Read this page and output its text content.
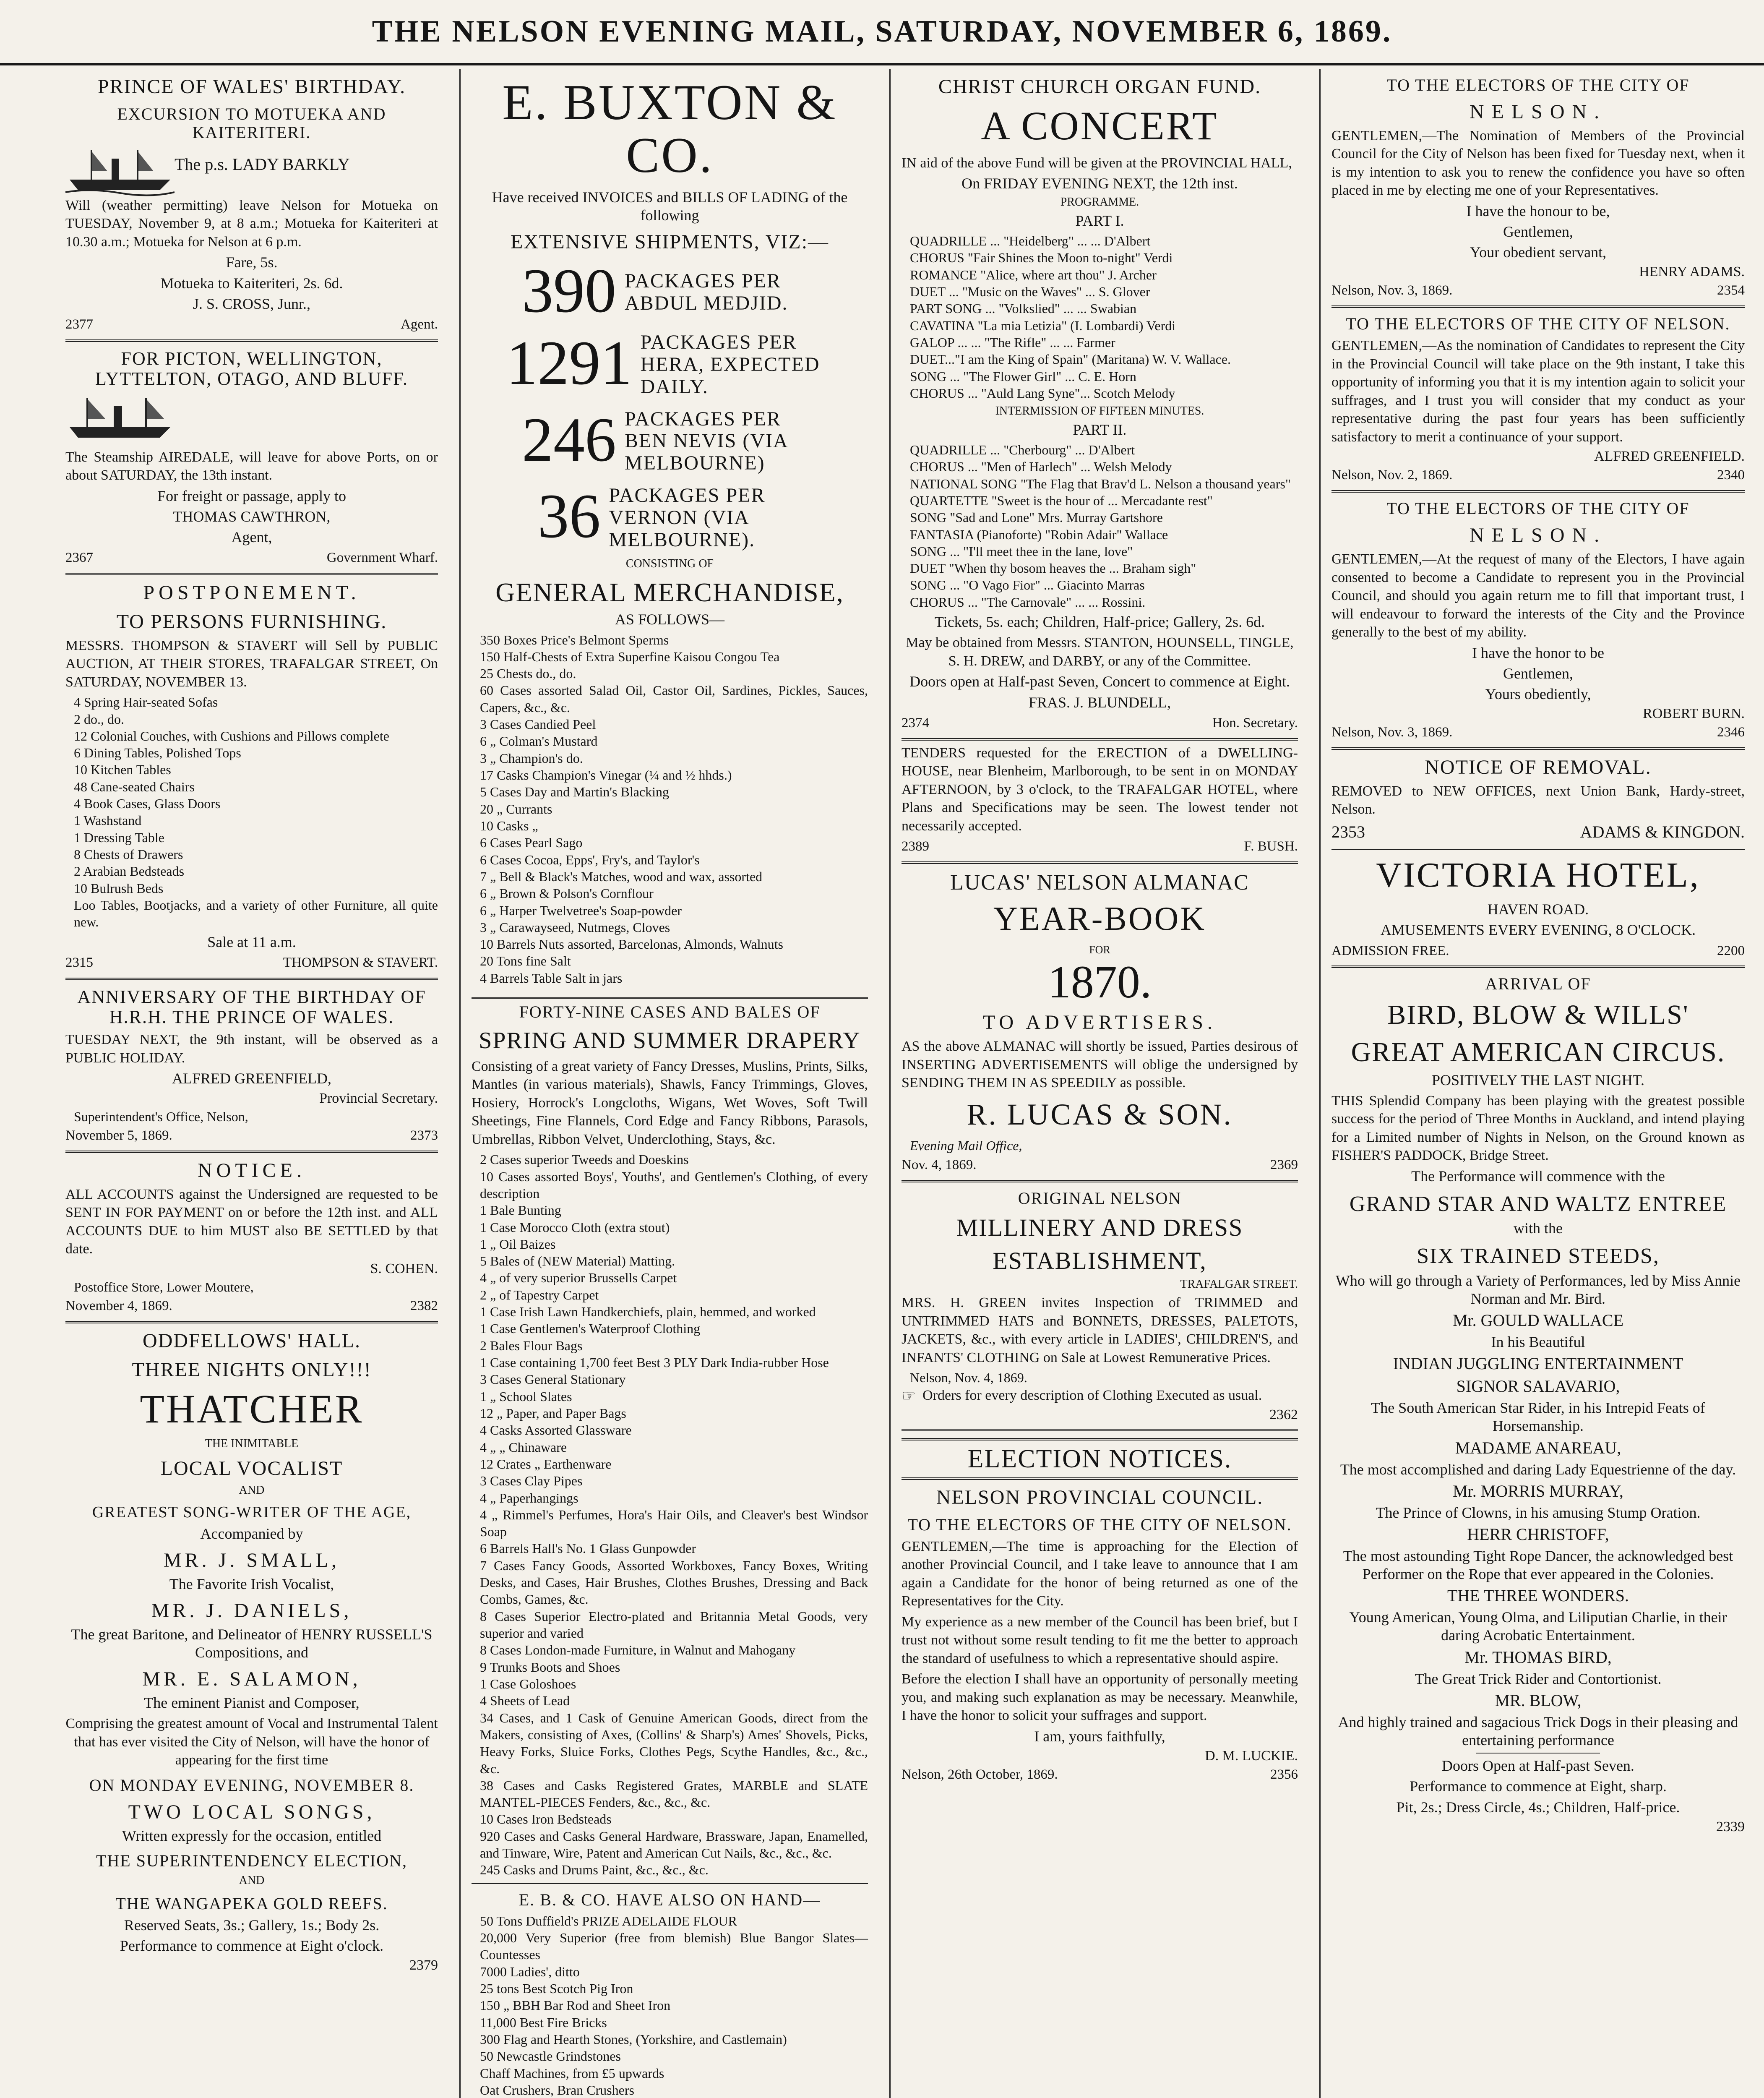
THE NELSON EVENING MAIL, SATURDAY, NOVEMBER 6, 1869.
PRINCE OF WALES' BIRTHDAY.
EXCURSION TO MOTUEKA AND KAITERITERI.
The p.s. LADY BARKLY

Will (weather permitting) leave Nelson for Motueka on TUESDAY, November 9, at 8 a.m.; Motueka for Kaiteriteri at 10.30 a.m.; Motueka for Nelson at 6 p.m.

Fare, 5s.
Motueka to Kaiteriteri, 2s. 6d.
J. S. CROSS, Junr.,
2377	Agent.
FOR PICTON, WELLINGTON, LYTTELTON, OTAGO, AND BLUFF.

The Steamship AIREDALE, will leave for above Ports, on or about SATURDAY, the 13th instant.

For freight or passage, apply to
THOMAS CAWTHRON,
Agent,
2367	Government Wharf.
POSTPONEMENT.
TO PERSONS FURNISHING.

MESSRS. THOMPSON & STAVERT will Sell by PUBLIC AUCTION, AT THEIR STORES, TRAFALGAR STREET, On SATURDAY, NOVEMBER 13.

4 Spring Hair-seated Sofas

2 do., do.

12 Colonial Couches, with Cushions and Pillows complete

6 Dining Tables, Polished Tops

10 Kitchen Tables

48 Cane-seated Chairs

4 Book Cases, Glass Doors

1 Washstand

1 Dressing Table

8 Chests of Drawers

2 Arabian Bedsteads

10 Bulrush Beds

Loo Tables, Bootjacks, and a variety of other Furniture, all quite new.

Sale at 11 a.m.
2315	THOMPSON & STAVERT.
ANNIVERSARY OF THE BIRTHDAY OF H.R.H. THE PRINCE OF WALES.

TUESDAY NEXT, the 9th instant, will be observed as a PUBLIC HOLIDAY.

ALFRED GREENFIELD,
Provincial Secretary.

Superintendent's Office, Nelson,

November 5, 1869.	2373
NOTICE.

ALL ACCOUNTS against the Undersigned are requested to be SENT IN FOR PAYMENT on or before the 12th inst. and ALL ACCOUNTS DUE to him MUST also BE SETTLED by that date.

S. COHEN.

Postoffice Store, Lower Moutere,

November 4, 1869.	2382
ODDFELLOWS' HALL.
THREE NIGHTS ONLY!!!
THATCHER
THE INIMITABLE
LOCAL VOCALIST
AND
GREATEST SONG-WRITER OF THE AGE,
Accompanied by
MR. J. SMALL,
The Favorite Irish Vocalist,
MR. J. DANIELS,
The great Baritone, and Delineator of HENRY RUSSELL'S Compositions, and
MR. E. SALAMON,
The eminent Pianist and Composer,

Comprising the greatest amount of Vocal and Instrumental Talent that has ever visited the City of Nelson, will have the honor of appearing for the first time

ON MONDAY EVENING, NOVEMBER 8.
TWO LOCAL SONGS,
Written expressly for the occasion, entitled
THE SUPERINTENDENCY ELECTION,
AND
THE WANGAPEKA GOLD REEFS.
Reserved Seats, 3s.; Gallery, 1s.; Body 2s.
Performance to commence at Eight o'clock.
2379
E. BUXTON & CO.
Have received INVOICES and BILLS OF LADING of the following
EXTENSIVE SHIPMENTS, VIZ:—
390 PACKAGES PER ABDUL MEDJID.
1291 PACKAGES PER HERA, EXPECTED DAILY.
246 PACKAGES PER BEN NEVIS (VIA MELBOURNE)
36 PACKAGES PER VERNON (VIA MELBOURNE).
CONSISTING OF
GENERAL MERCHANDISE,
AS FOLLOWS—

350 Boxes Price's Belmont Sperms

150 Half-Chests of Extra Superfine Kaisou Congou Tea

25 Chests do., do.

60 Cases assorted Salad Oil, Castor Oil, Sardines, Pickles, Sauces, Capers, &c., &c.

3 Cases Candied Peel

6 „ Colman's Mustard

3 „ Champion's do.

17 Casks Champion's Vinegar (¼ and ½ hhds.)

5 Cases Day and Martin's Blacking

20 „ Currants

10 Casks „

6 Cases Pearl Sago

6 Cases Cocoa, Epps', Fry's, and Taylor's

7 „ Bell & Black's Matches, wood and wax, assorted

6 „ Brown & Polson's Cornflour

6 „ Harper Twelvetree's Soap-powder

3 „ Carawayseed, Nutmegs, Cloves

10 Barrels Nuts assorted, Barcelonas, Almonds, Walnuts

20 Tons fine Salt

4 Barrels Table Salt in jars

FORTY-NINE CASES AND BALES OF
SPRING AND SUMMER DRAPERY

Consisting of a great variety of Fancy Dresses, Muslins, Prints, Silks, Mantles (in various materials), Shawls, Fancy Trimmings, Gloves, Hosiery, Horrock's Longcloths, Wigans, Wet Woves, Soft Twill Sheetings, Fine Flannels, Cord Edge and Fancy Ribbons, Parasols, Umbrellas, Ribbon Velvet, Underclothing, Stays, &c.

2 Cases superior Tweeds and Doeskins

10 Cases assorted Boys', Youths', and Gentlemen's Clothing, of every description

1 Bale Bunting

1 Case Morocco Cloth (extra stout)

1 „ Oil Baizes

5 Bales of (NEW Material) Matting.

4 „ of very superior Brussells Carpet

2 „ of Tapestry Carpet

1 Case Irish Lawn Handkerchiefs, plain, hemmed, and worked

1 Case Gentlemen's Waterproof Clothing

2 Bales Flour Bags

1 Case containing 1,700 feet Best 3 PLY Dark India-rubber Hose

3 Cases General Stationary

1 „ School Slates

12 „ Paper, and Paper Bags

4 Casks Assorted Glassware

4 „ „ Chinaware

12 Crates „ Earthenware

3 Cases Clay Pipes

4 „ Paperhangings

4 „ Rimmel's Perfumes, Hora's Hair Oils, and Cleaver's best Windsor Soap

6 Barrels Hall's No. 1 Glass Gunpowder

7 Cases Fancy Goods, Assorted Workboxes, Fancy Boxes, Writing Desks, and Cases, Hair Brushes, Clothes Brushes, Dressing and Back Combs, Games, &c.

8 Cases Superior Electro-plated and Britannia Metal Goods, very superior and varied

8 Cases London-made Furniture, in Walnut and Mahogany

9 Trunks Boots and Shoes

1 Case Goloshoes

4 Sheets of Lead

34 Cases, and 1 Cask of Genuine American Goods, direct from the Makers, consisting of Axes, (Collins' & Sharp's) Ames' Shovels, Picks, Heavy Forks, Sluice Forks, Clothes Pegs, Scythe Handles, &c., &c., &c.

38 Cases and Casks Registered Grates, MARBLE and SLATE MANTEL-PIECES Fenders, &c., &c., &c.

10 Cases Iron Bedsteads

920 Cases and Casks General Hardware, Brassware, Japan, Enamelled, and Tinware, Wire, Patent and American Cut Nails, &c., &c., &c.

245 Casks and Drums Paint, &c., &c., &c.

E. B. & CO. HAVE ALSO ON HAND—

50 Tons Duffield's PRIZE ADELAIDE FLOUR

20,000 Very Superior (free from blemish) Blue Bangor Slates—Countesses

7000 Ladies', ditto

25 tons Best Scotch Pig Iron

150 „ BBH Bar Rod and Sheet Iron

11,000 Best Fire Bricks

300 Flag and Hearth Stones, (Yorkshire, and Castlemain)

50 Newcastle Grindstones

Chaff Machines, from £5 upwards

Oat Crushers, Bran Crushers

CHRIST CHURCH ORGAN FUND.
A CONCERT

IN aid of the above Fund will be given at the PROVINCIAL HALL,

On FRIDAY EVENING NEXT, the 12th inst.
PROGRAMME.
PART I.

QUADRILLE ... "Heidelberg" ... ... D'Albert

CHORUS "Fair Shines the Moon to-night" Verdi

ROMANCE "Alice, where art thou" J. Archer

DUET ... "Music on the Waves" ... S. Glover

PART SONG ... "Volkslied" ... ... Swabian

CAVATINA "La mia Letizia" (I. Lombardi) Verdi

GALOP ... ... "The Rifle" ... ... Farmer

DUET..."I am the King of Spain" (Maritana) W. V. Wallace.

SONG ... "The Flower Girl" ... C. E. Horn

CHORUS ... "Auld Lang Syne"... Scotch Melody

INTERMISSION OF FIFTEEN MINUTES.
PART II.

QUADRILLE ... "Cherbourg" ... D'Albert

CHORUS ... "Men of Harlech" ... Welsh Melody

NATIONAL SONG "The Flag that Brav'd L. Nelson a thousand years"

QUARTETTE "Sweet is the hour of ... Mercadante rest"

SONG "Sad and Lone" Mrs. Murray Gartshore

FANTASIA (Pianoforte) "Robin Adair" Wallace

SONG ... "I'll meet thee in the lane, love"

DUET "When thy bosom heaves the ... Braham sigh"

SONG ... "O Vago Fior" ... Giacinto Marras

CHORUS ... "The Carnovale" ... ... Rossini.

Tickets, 5s. each; Children, Half-price; Gallery, 2s. 6d.

May be obtained from Messrs. STANTON, HOUNSELL, TINGLE, S. H. DREW, and DARBY, or any of the Committee.

Doors open at Half-past Seven, Concert to commence at Eight.
FRAS. J. BLUNDELL,
2374	Hon. Secretary.

TENDERS requested for the ERECTION of a DWELLING-HOUSE, near Blenheim, Marlborough, to be sent in on MONDAY AFTERNOON, by 3 o'clock, to the TRAFALGAR HOTEL, where Plans and Specifications may be seen. The lowest tender not necessarily accepted.

2389	F. BUSH.
LUCAS' NELSON ALMANAC
YEAR-BOOK
FOR
1870.
TO ADVERTISERS.

AS the above ALMANAC will shortly be issued, Parties desirous of INSERTING ADVERTISEMENTS will oblige the undersigned by SENDING THEM IN AS SPEEDILY as possible.

R. LUCAS & SON.

Evening Mail Office,

Nov. 4, 1869.	2369
ORIGINAL NELSON
MILLINERY AND DRESS
ESTABLISHMENT,
TRAFALGAR STREET.

MRS. H. GREEN invites Inspection of TRIMMED and UNTRIMMED HATS and BONNETS, DRESSES, PALETOTS, JACKETS, &c., with every article in LADIES', CHILDREN'S, and INFANTS' CLOTHING on Sale at Lowest Remunerative Prices.

Nelson, Nov. 4, 1869.

☞ Orders for every description of Clothing Executed as usual.

2362
ELECTION NOTICES.
NELSON PROVINCIAL COUNCIL.
TO THE ELECTORS OF THE CITY OF NELSON.

GENTLEMEN,—The time is approaching for the Election of another Provincial Council, and I take leave to announce that I am again a Candidate for the honor of being returned as one of the Representatives for the City.

My experience as a new member of the Council has been brief, but I trust not without some result tending to fit me the better to approach the standard of usefulness to which a representative should aspire.

Before the election I shall have an opportunity of personally meeting you, and making such explanation as may be necessary. Meanwhile, I have the honor to solicit your suffrages and support.

I am, yours faithfully,
D. M. LUCKIE.
Nelson, 26th October, 1869.	2356
TO THE ELECTORS OF THE CITY OF
NELSON.

GENTLEMEN,—The Nomination of Members of the Provincial Council for the City of Nelson has been fixed for Tuesday next, when it is my intention to ask you to renew the confidence you have so often placed in me by electing me one of your Representatives.

I have the honour to be,
Gentlemen,
Your obedient servant,
HENRY ADAMS.
Nelson, Nov. 3, 1869.	2354
TO THE ELECTORS OF THE CITY OF NELSON.

GENTLEMEN,—As the nomination of Candidates to represent the City in the Provincial Council will take place on the 9th instant, I take this opportunity of informing you that it is my intention again to solicit your suffrages, and I trust you will consider that my conduct as your representative during the past four years has been sufficiently satisfactory to merit a continuance of your support.

ALFRED GREENFIELD.
Nelson, Nov. 2, 1869.	2340
TO THE ELECTORS OF THE CITY OF
NELSON.

GENTLEMEN,—At the request of many of the Electors, I have again consented to become a Candidate to represent you in the Provincial Council, and should you again return me to fill that important trust, I will endeavour to forward the interests of the City and the Province generally to the best of my ability.

I have the honor to be
Gentlemen,
Yours obediently,
ROBERT BURN.
Nelson, Nov. 3, 1869.	2346
NOTICE OF REMOVAL.

REMOVED to NEW OFFICES, next Union Bank, Hardy-street, Nelson.

2353	ADAMS & KINGDON.
VICTORIA HOTEL,
HAVEN ROAD.
AMUSEMENTS EVERY EVENING, 8 O'CLOCK.
ADMISSION FREE.	2200
ARRIVAL OF
BIRD, BLOW & WILLS'
GREAT AMERICAN CIRCUS.
POSITIVELY THE LAST NIGHT.

THIS Splendid Company has been playing with the greatest possible success for the period of Three Months in Auckland, and intend playing for a Limited number of Nights in Nelson, on the Ground known as FISHER'S PADDOCK, Bridge Street.

The Performance will commence with the
GRAND STAR AND WALTZ ENTREE
with the
SIX TRAINED STEEDS,
Who will go through a Variety of Performances, led by Miss Annie Norman and Mr. Bird.
Mr. GOULD WALLACE
In his Beautiful
INDIAN JUGGLING ENTERTAINMENT
SIGNOR SALAVARIO,
The South American Star Rider, in his Intrepid Feats of Horsemanship.
MADAME ANAREAU,
The most accomplished and daring Lady Equestrienne of the day.
Mr. MORRIS MURRAY,
The Prince of Clowns, in his amusing Stump Oration.
HERR CHRISTOFF,
The most astounding Tight Rope Dancer, the acknowledged best Performer on the Rope that ever appeared in the Colonies.
THE THREE WONDERS.
Young American, Young Olma, and Liliputian Charlie, in their daring Acrobatic Entertainment.
Mr. THOMAS BIRD,
The Great Trick Rider and Contortionist.
MR. BLOW,
And highly trained and sagacious Trick Dogs in their pleasing and entertaining performance
Doors Open at Half-past Seven.
Performance to commence at Eight, sharp.
Pit, 2s.; Dress Circle, 4s.; Children, Half-price.
2339
